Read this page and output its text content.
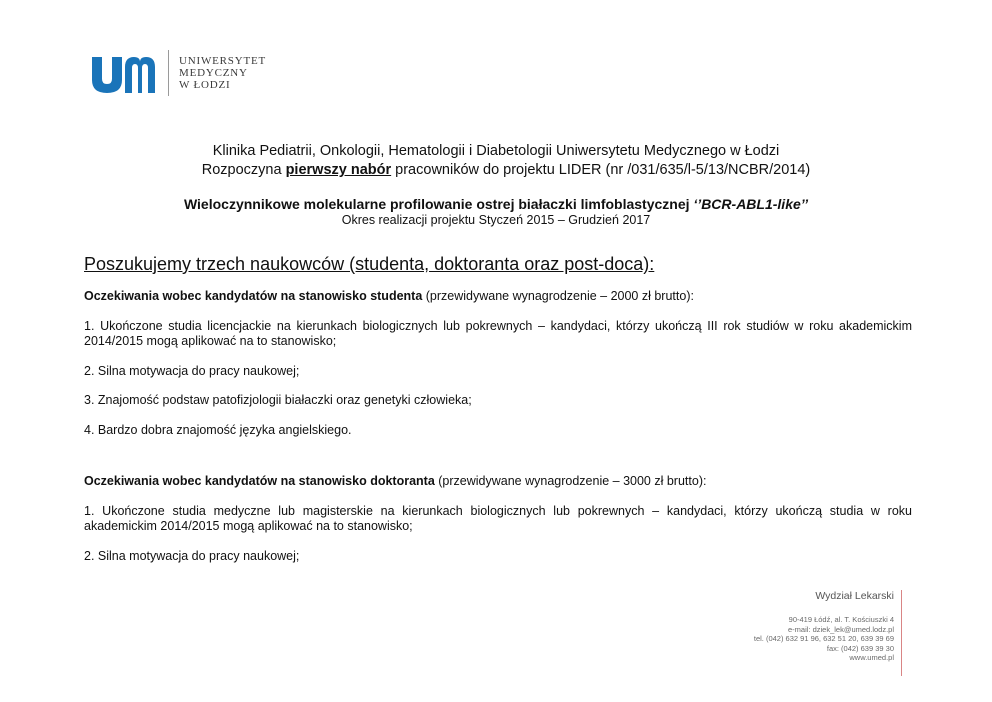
UNIWERSYTET
MEDYCZNY
W ŁODZI
Klinika Pediatrii, Onkologii, Hematologii i Diabetologii Uniwersytetu Medycznego w Łodzi
Rozpoczyna pierwszy nabór pracowników do projektu LIDER (nr /031/635/l-5/13/NCBR/2014)
Wieloczynnikowe molekularne profilowanie ostrej białaczki limfoblastycznej ‘’BCR-ABL1-like’’
Okres realizacji projektu Styczeń 2015 – Grudzień 2017
Poszukujemy trzech naukowców (studenta, doktoranta oraz post-doca):

Oczekiwania wobec kandydatów na stanowisko studenta (przewidywane wynagrodzenie – 2000 zł brutto):

1. Ukończone studia licencjackie na kierunkach biologicznych lub pokrewnych – kandydaci, którzy ukończą III rok studiów w roku akademickim 2014/2015 mogą aplikować na to stanowisko;

2. Silna motywacja do pracy naukowej;

3. Znajomość podstaw patofizjologii białaczki oraz genetyki człowieka;

4. Bardzo dobra znajomość języka angielskiego.

Oczekiwania wobec kandydatów na stanowisko doktoranta (przewidywane wynagrodzenie – 3000 zł brutto):

1. Ukończone studia medyczne lub magisterskie na kierunkach biologicznych lub pokrewnych – kandydaci, którzy ukończą studia w roku akademickim 2014/2015 mogą aplikować na to stanowisko;

2. Silna motywacja do pracy naukowej;

Wydział Lekarski
90-419 Łódź, al. T. Kościuszki 4
e-mail: dziek_lek@umed.lodz.pl
tel. (042) 632 91 96, 632 51 20, 639 39 69
fax: (042) 639 39 30
www.umed.pl
